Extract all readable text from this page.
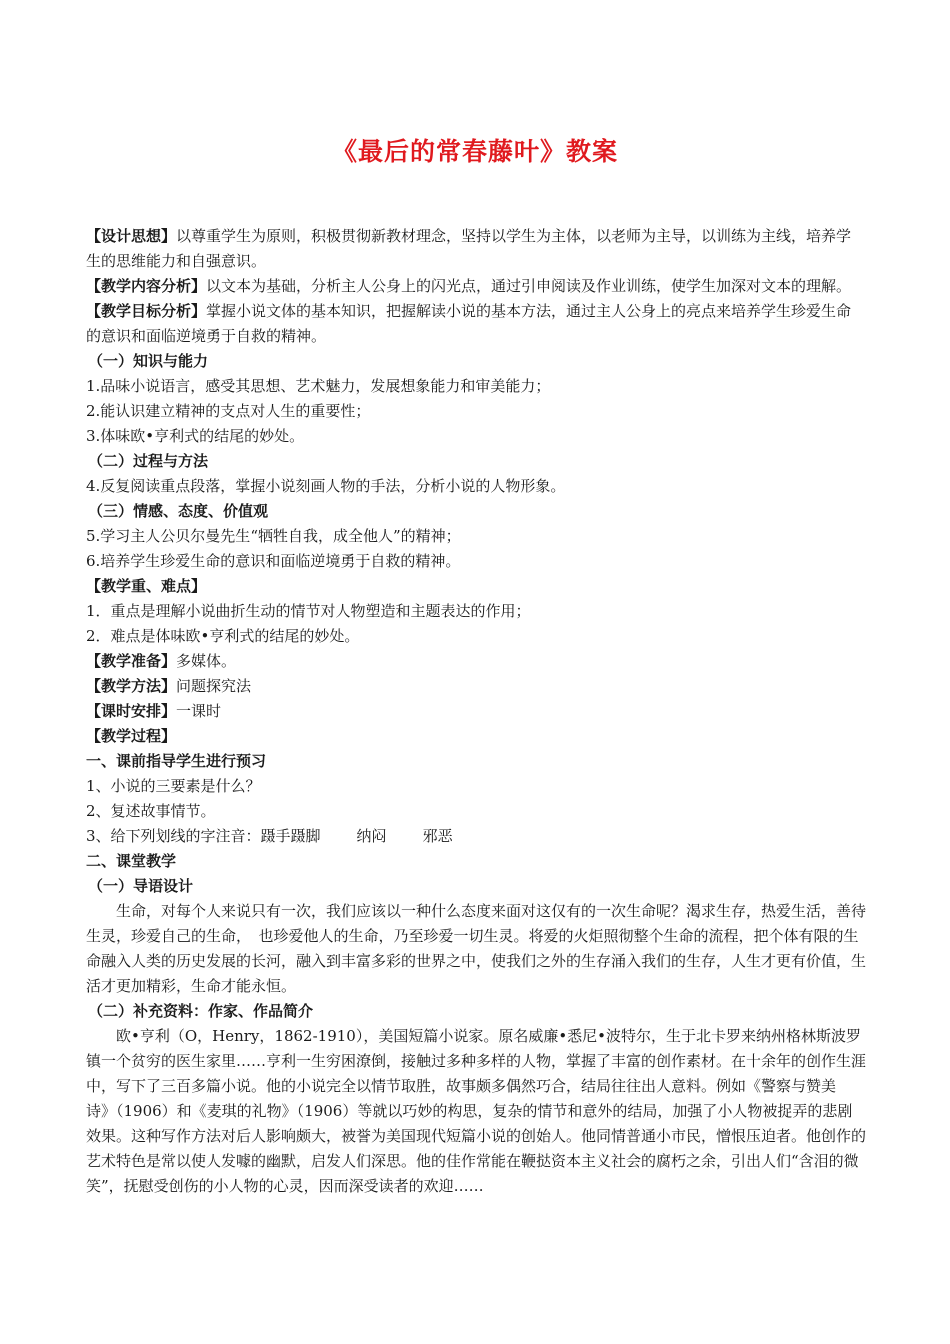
《最后的常春藤叶》教案

【设计思想】以尊重学生为原则，积极贯彻新教材理念，坚持以学生为主体，以老师为主导，以训练为主线，培养学生的思维能力和自强意识。

【教学内容分析】以文本为基础，分析主人公身上的闪光点，通过引申阅读及作业训练，使学生加深对文本的理解。

【教学目标分析】掌握小说文体的基本知识，把握解读小说的基本方法，通过主人公身上的亮点来培养学生珍爱生命的意识和面临逆境勇于自救的精神。

（一）知识与能力

1.品味小说语言，感受其思想、艺术魅力，发展想象能力和审美能力；

2.能认识建立精神的支点对人生的重要性；

3.体味欧•亨利式的结尾的妙处。

（二）过程与方法

4.反复阅读重点段落，掌握小说刻画人物的手法，分析小说的人物形象。

（三）情感、态度、价值观

5.学习主人公贝尔曼先生“牺牲自我，成全他人”的精神；

6.培养学生珍爱生命的意识和面临逆境勇于自救的精神。

【教学重、难点】

1．重点是理解小说曲折生动的情节对人物塑造和主题表达的作用；

2．难点是体味欧•亨利式的结尾的妙处。

【教学准备】多媒体。

【教学方法】问题探究法

【课时安排】一课时

【教学过程】

一、课前指导学生进行预习

1、小说的三要素是什么？

2、复述故事情节。

3、给下列划线的字注音：蹑手蹑脚 纳闷 邪恶

二、课堂教学

（一）导语设计

生命，对每个人来说只有一次，我们应该以一种什么态度来面对这仅有的一次生命呢？渴求生存，热爱生活，善待生灵，珍爱自己的生命，　也珍爱他人的生命，乃至珍爱一切生灵。将爱的火炬照彻整个生命的流程，把个体有限的生命融入人类的历史发展的长河，融入到丰富多彩的世界之中，使我们之外的生存涌入我们的生存，人生才更有价值，生活才更加精彩，生命才能永恒。

（二）补充资料：作家、作品简介

欧•亨利（O，Henry，1862-1910），美国短篇小说家。原名威廉•悉尼•波特尔，生于北卡罗来纳州格林斯波罗镇一个贫穷的医生家里……亨利一生穷困潦倒，接触过多种多样的人物，掌握了丰富的创作素材。在十余年的创作生涯中，写下了三百多篇小说。他的小说完全以情节取胜，故事颇多偶然巧合，结局往往出人意料。例如《警察与赞美诗》（1906）和《麦琪的礼物》（1906）等就以巧妙的构思，复杂的情节和意外的结局，加强了小人物被捉弄的悲剧效果。这种写作方法对后人影响颇大，被誉为美国现代短篇小说的创始人。他同情普通小市民，憎恨压迫者。他创作的艺术特色是常以使人发噱的幽默，启发人们深思。他的佳作常能在鞭挞资本主义社会的腐朽之余，引出人们“含泪的微笑”，抚慰受创伤的小人物的心灵，因而深受读者的欢迎……
